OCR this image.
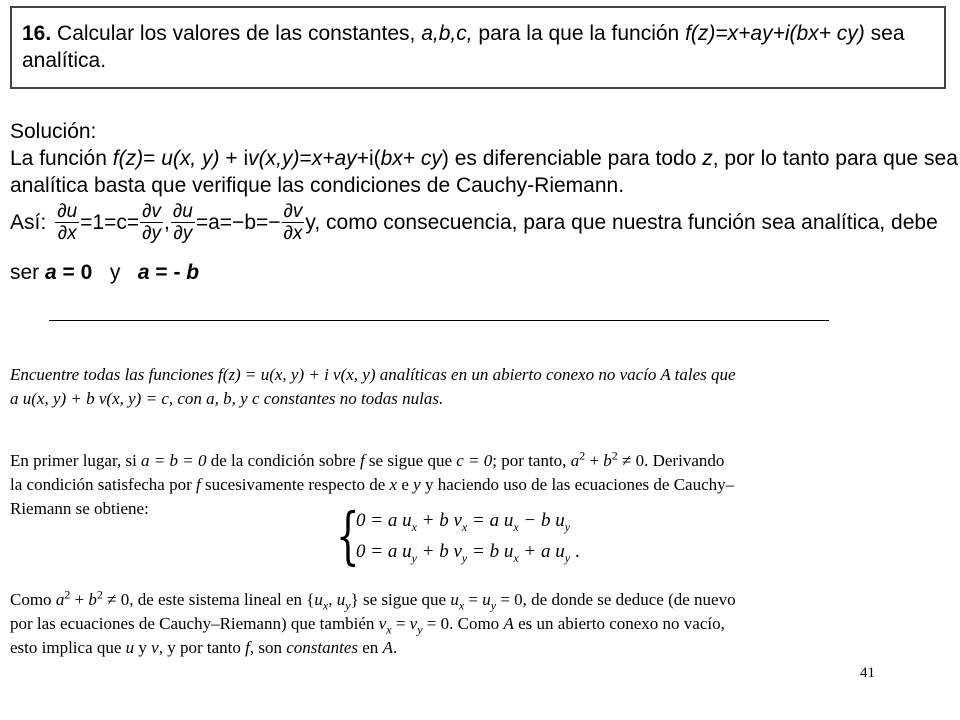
16. Calcular los valores de las constantes, a,b,c, para la que la función f(z)=x+ay+i(bx+ cy) sea
analítica.
Solución:
La función f(z)= u(x, y) + iv(x,y)=x+ay+i(bx+ cy) es diferenciable para todo z, por lo tanto para que sea
analítica basta que verifique las condiciones de Cauchy-Riemann.
Así: $\frac{\partial u}{\partial x} =1=c= \frac{\partial v}{\partial y}$ , $\frac{\partial u}{\partial y} =a=-b=- \frac{\partial v}{\partial x} y$, como consecuencia, para que nuestra función sea analítica, debe
ser a = 0   y   a = - b
Encuentre todas las funciones f(z) = u(x, y) + i v(x, y) analíticas en un abierto conexo no vacío A tales que
a u(x, y) + b v(x, y) = c, con a, b, y c constantes no todas nulas.
En primer lugar, si a = b = 0 de la condición sobre f se sigue que c = 0; por tanto, $a^2 + b^2 \ne 0$. Derivando
la condición satisfecha por f sucesivamente respecto de x e y y haciendo uso de las ecuaciones de Cauchy–
Riemann se obtiene:	{
0 = a $u_x + b$ $v_x = a$ $u_x - b$ $u_y$
0 = a $u_y + b$ $v_y = b$ $u_x + a$ $u_y$ .
Como $a^2 + b^2 \ne 0$, de este sistema lineal en {$u_x$, $u_y$} se sigue que $u_x = u_y = 0$, de donde se deduce (de nuevo
por las ecuaciones de Cauchy–Riemann) que también $v_x = v_y = 0$. Como A es un abierto conexo no vacío,
esto implica que u y v, y por tanto f, son constantes en A.
41
